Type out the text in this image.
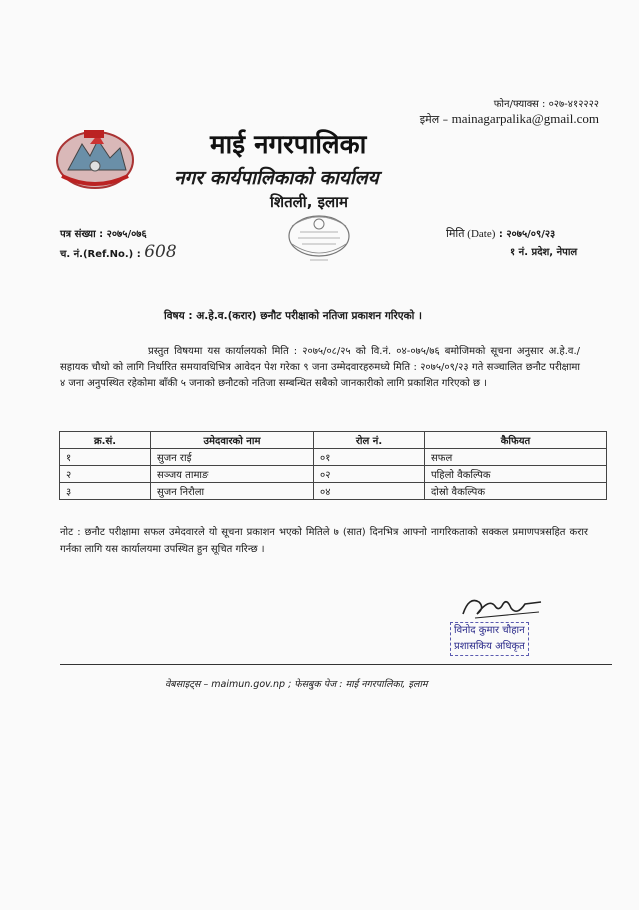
फोन/फ्याक्स : ०२७-४१२२२२
इमेल – mainagarpalika@gmail.com
माई नगरपालिका
नगर कार्यपालिकाको कार्यालय
शितली, इलाम
पत्र संख्या : २०७५/०७६
च. नं.(Ref.No.) : 608
मिति (Date) : २०७५/०९/२३
१ नं. प्रदेश, नेपाल
विषय : अ.हे.व.(करार) छनौट परीक्षाको नतिजा प्रकाशन गरिएको ।

प्रस्तुत विषयमा यस कार्यालयको मिति : २०७५/०८/२५ को वि.नं. ०४-०७५/७६ बमोजिमको सूचना अनुसार अ.हे.व./सहायक चौथो को लागि निर्धारित समयावधिभित्र आवेदन पेश गरेका ९ जना उम्मेदवारहरुमध्ये मिति : २०७५/०९/२३ गते सञ्चालित छनौट परीक्षामा ४ जना अनुपस्थित रहेकोमा बाँकी ५ जनाको छनौटको नतिजा सम्बन्धित सबैको जानकारीको लागि प्रकाशित गरिएको छ ।

क्र.सं.	उमेदवारको नाम	रोल नं.	कैफियत
१	सुजन राई	०१	सफल
२	सञ्जय तामाङ	०२	पहिलो वैकल्पिक
३	सुजन निरौला	०४	दोस्रो वैकल्पिक
नोट : छनौट परीक्षामा सफल उमेदवारले यो सूचना प्रकाशन भएको मितिले ७ (सात) दिनभित्र आफ्नो नागरिकताको सक्कल प्रमाणपत्रसहित करार गर्नका लागि यस कार्यालयमा उपस्थित हुन सूचित गरिन्छ ।
विनोद कुमार चौहान
प्रशासकिय अधिकृत
वेबसाइट्स – maimun.gov.np ; फेसबुक पेज : माई नगरपालिका, इलाम
